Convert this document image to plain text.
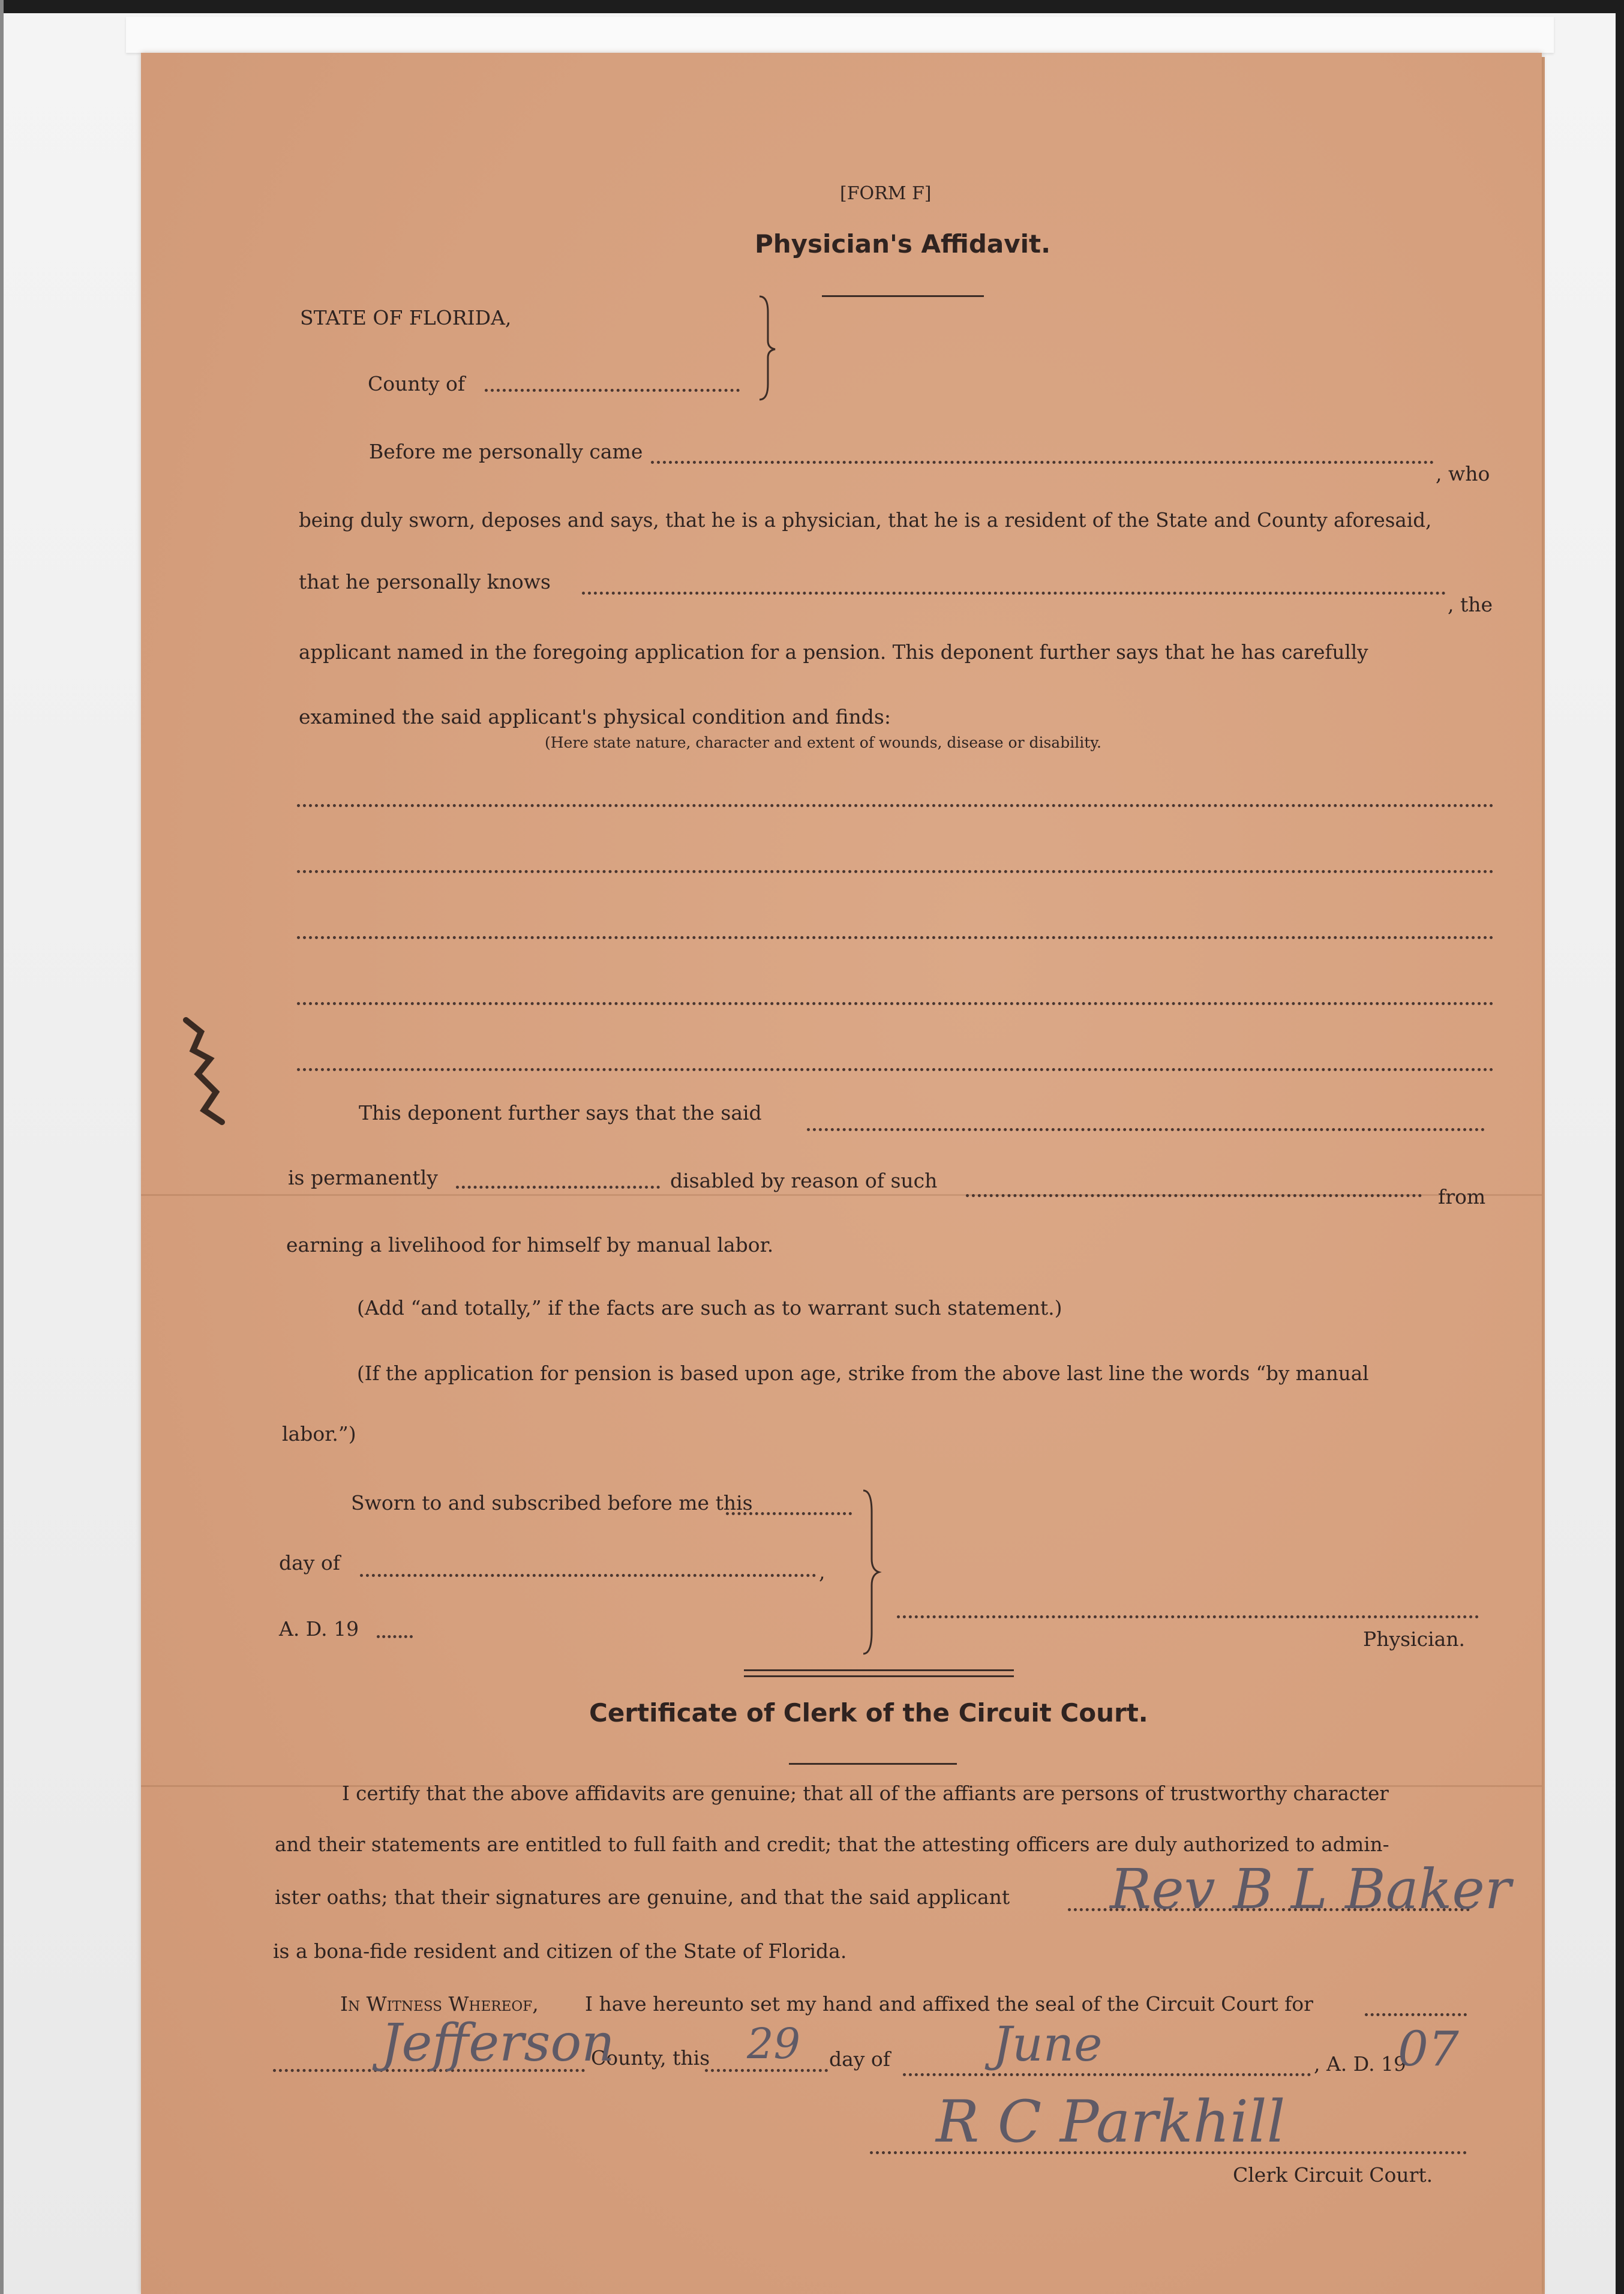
[FORM F]
Physician's Affidavit.
STATE OF FLORIDA,
County of
Before me personally came
, who
being duly sworn, deposes and says, that he is a physician, that he is a resident of the State and County aforesaid,
that he personally knows
, the
applicant named in the foregoing application for a pension. This deponent further says that he has carefully
examined the said applicant's physical condition and finds:
(Here state nature, character and extent of wounds, disease or disability.
This deponent further says that the said
is permanently	disabled by reason of such
from
earning a livelihood for himself by manual labor.
(Add “and totally,” if the facts are such as to warrant such statement.)
(If the application for pension is based upon age, strike from the above last line the words “by manual
labor.”)
Sworn to and subscribed before me this
day of	,
A. D. 19	Physician.
Certificate of Clerk of the Circuit Court.
I certify that the above affidavits are genuine; that all of the affiants are persons of trustworthy character
and their statements are entitled to full faith and credit; that the attesting officers are duly authorized to admin-
ister oaths; that their signatures are genuine, and that the said applicant
is a bona-fide resident and citizen of the State of Florida.
In Witness Whereof, I have hereunto set my hand and affixed the seal of the Circuit Court for
County, this	day of	, A. D. 19
Clerk Circuit Court.
Rev B L Baker
Jefferson	29	June	07
R C Parkhill
